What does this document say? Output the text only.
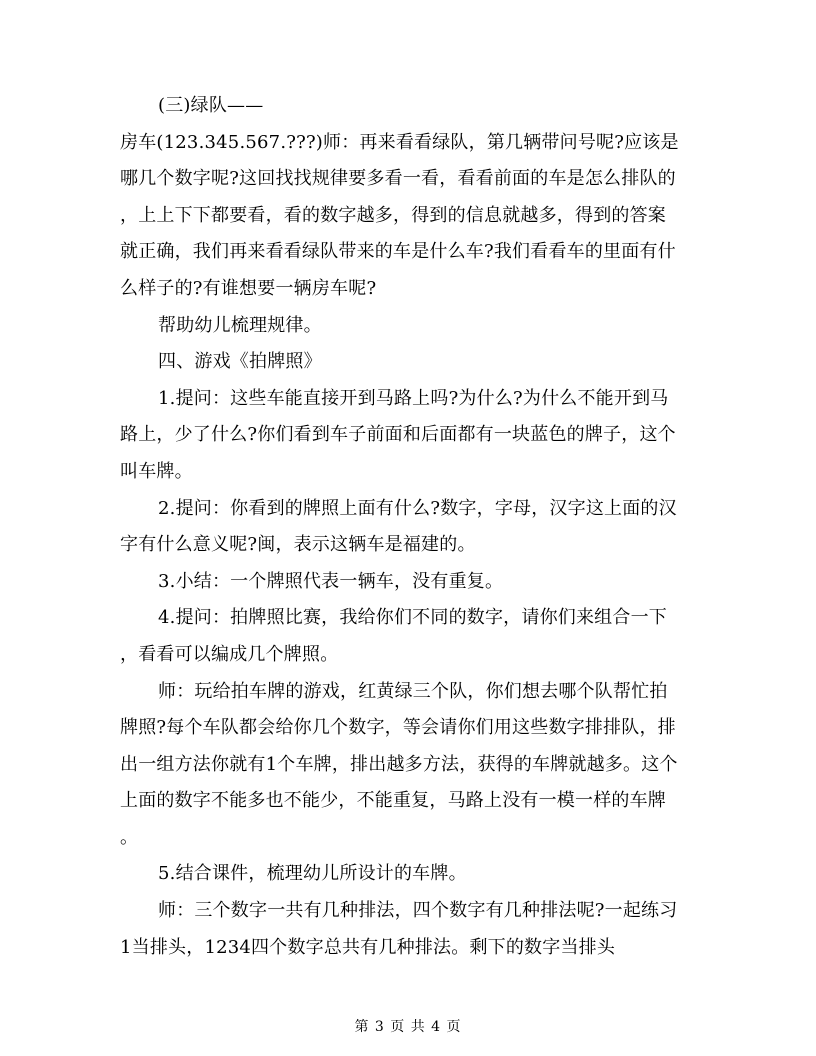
(三)绿队——
房车(123.345.567.???)师：再来看看绿队，第几辆带问号呢?应该是
哪几个数字呢?这回找找规律要多看一看，看看前面的车是怎么排队的
，上上下下都要看，看的数字越多，得到的信息就越多，得到的答案
就正确，我们再来看看绿队带来的车是什么车?我们看看车的里面有什
么样子的?有谁想要一辆房车呢?
帮助幼儿梳理规律。
四、游戏《拍牌照》
1.提问：这些车能直接开到马路上吗?为什么?为什么不能开到马
路上，少了什么?你们看到车子前面和后面都有一块蓝色的牌子，这个
叫车牌。
2.提问：你看到的牌照上面有什么?数字，字母，汉字这上面的汉
字有什么意义呢?闽，表示这辆车是福建的。
3.小结：一个牌照代表一辆车，没有重复。
4.提问：拍牌照比赛，我给你们不同的数字，请你们来组合一下
，看看可以编成几个牌照。
师：玩给拍车牌的游戏，红黄绿三个队，你们想去哪个队帮忙拍
牌照?每个车队都会给你几个数字，等会请你们用这些数字排排队，排
出一组方法你就有1个车牌，排出越多方法，获得的车牌就越多。这个
上面的数字不能多也不能少，不能重复，马路上没有一模一样的车牌
。
5.结合课件，梳理幼儿所设计的车牌。
师：三个数字一共有几种排法，四个数字有几种排法呢?一起练习
1当排头，1234四个数字总共有几种排法。剩下的数字当排头
第 3 页 共 4 页
